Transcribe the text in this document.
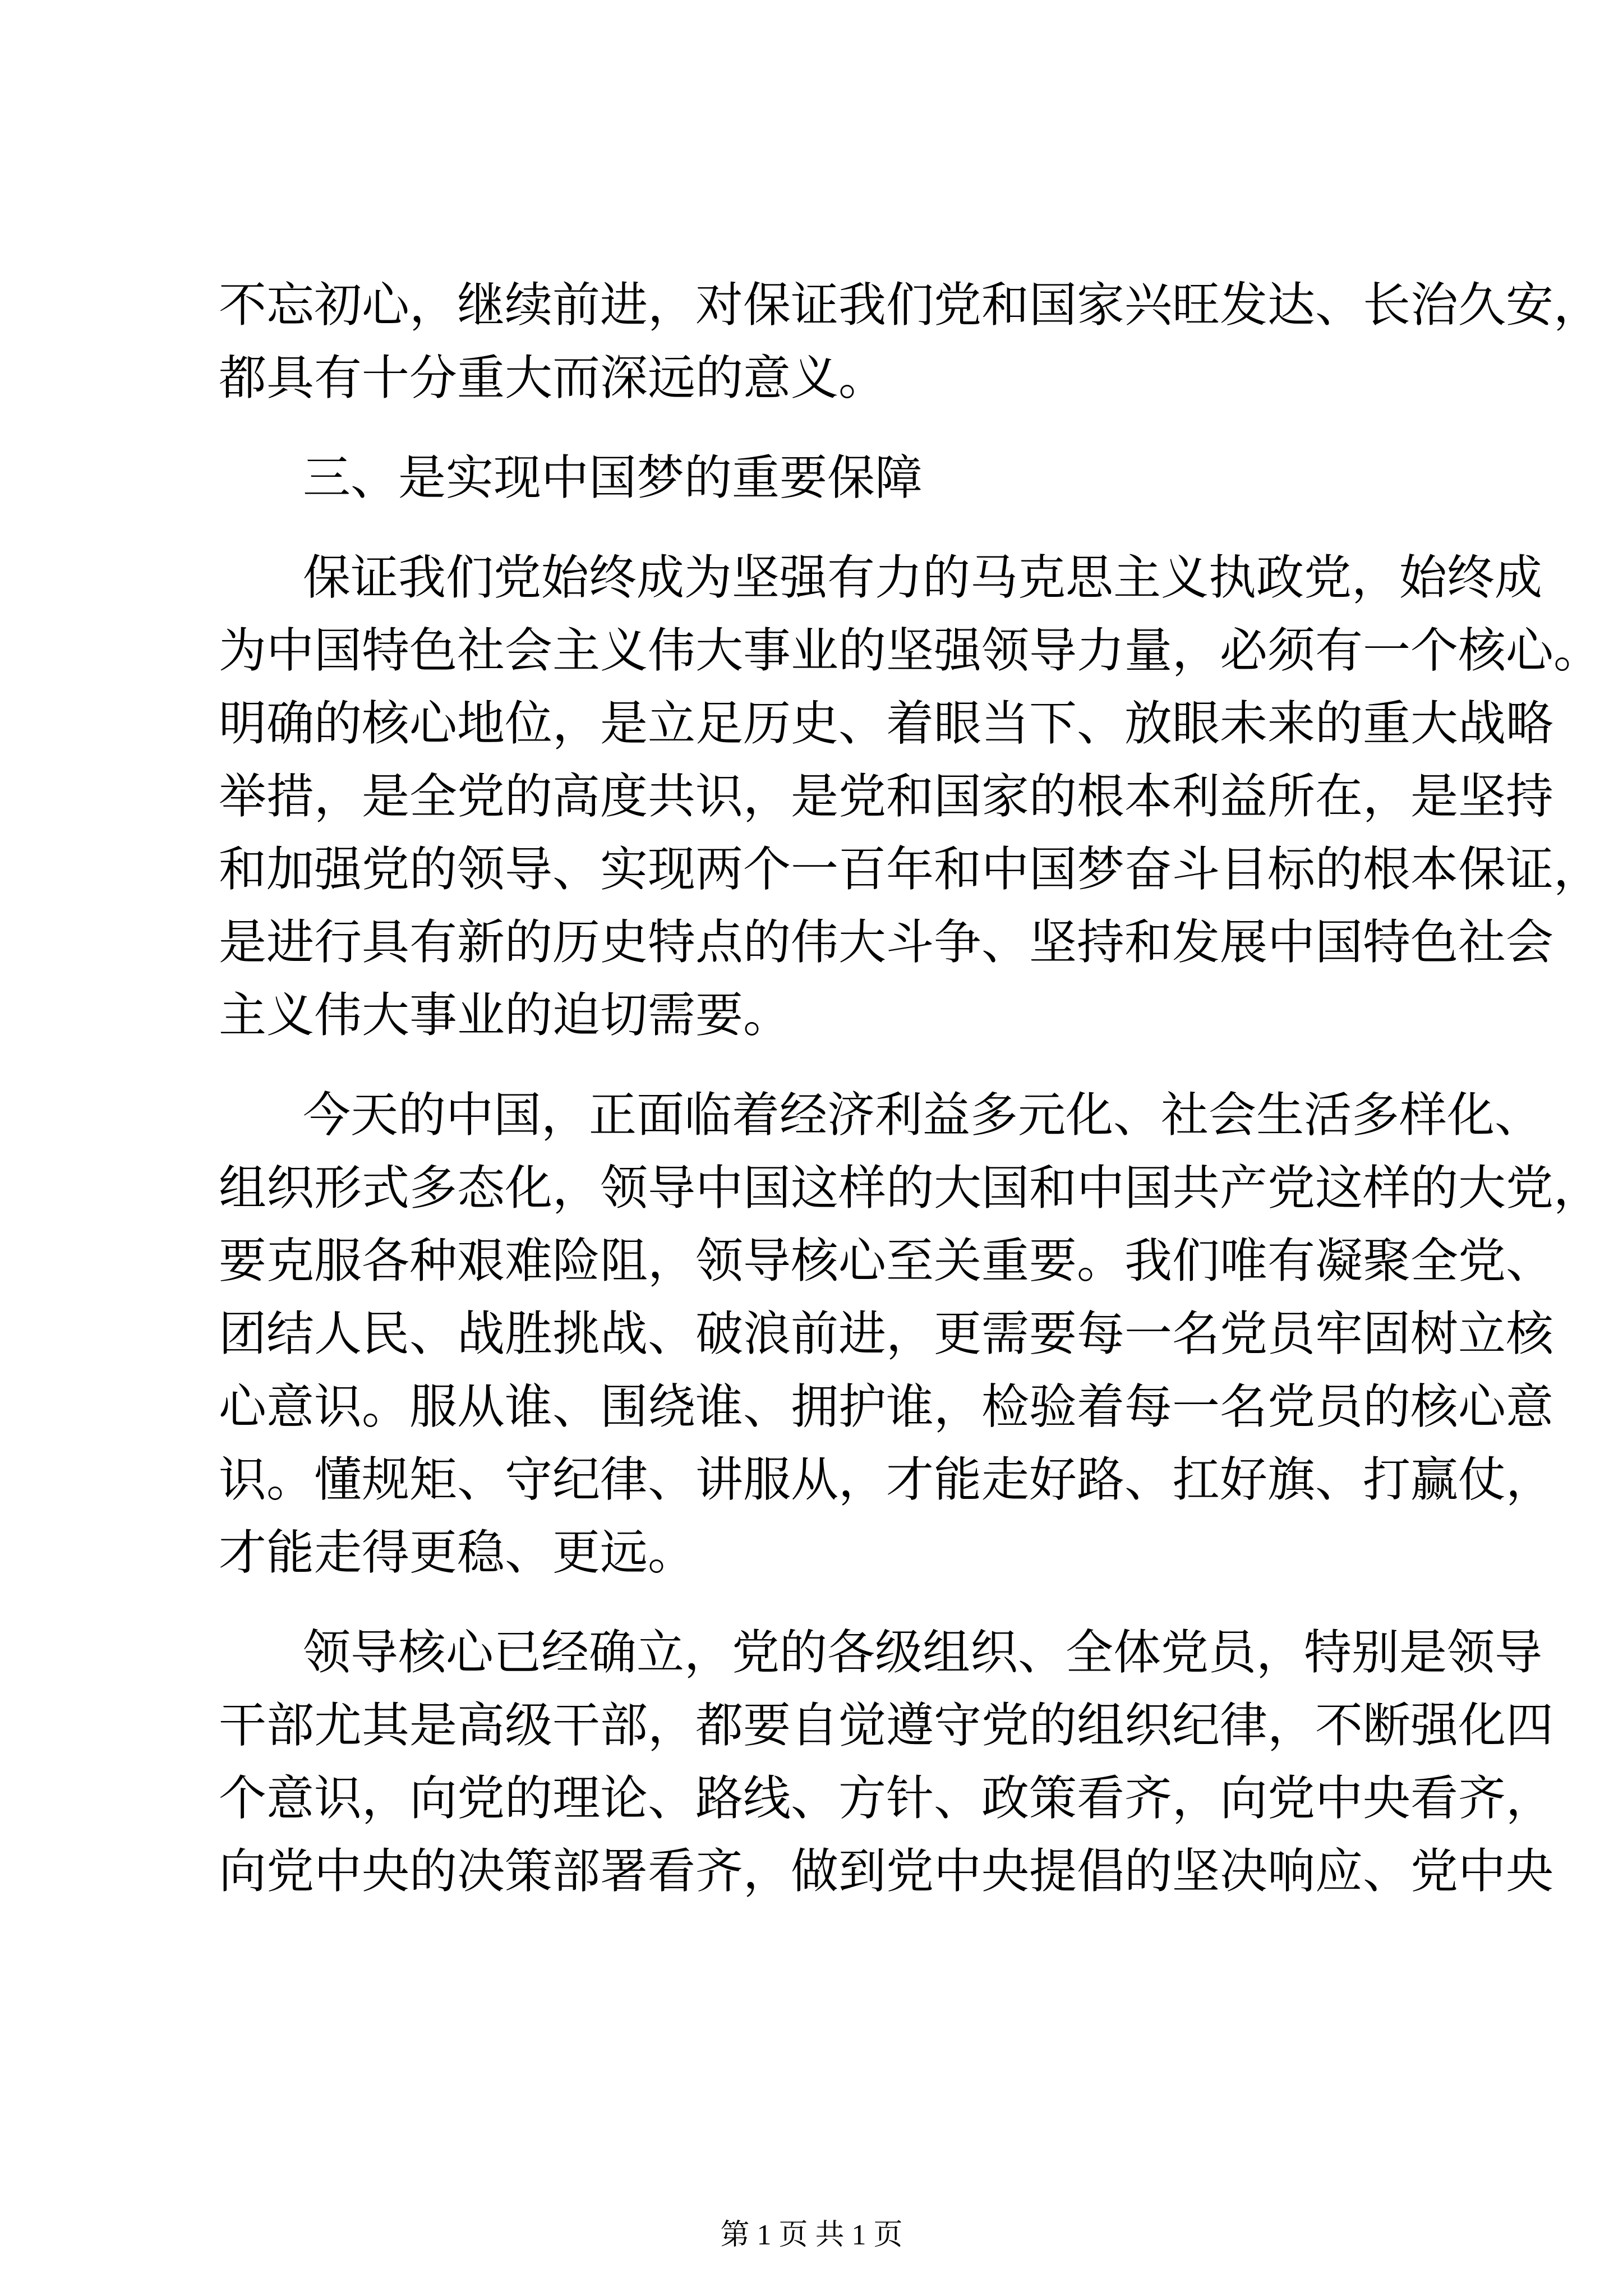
不忘初心，继续前进，对保证我们党和国家兴旺发达、长治久安，
都具有十分重大而深远的意义。
三、是实现中国梦的重要保障
保证我们党始终成为坚强有力的马克思主义执政党，始终成
为中国特色社会主义伟大事业的坚强领导力量，必须有一个核心。
明确的核心地位，是立足历史、着眼当下、放眼未来的重大战略
举措，是全党的高度共识，是党和国家的根本利益所在，是坚持
和加强党的领导、实现两个一百年和中国梦奋斗目标的根本保证，
是进行具有新的历史特点的伟大斗争、坚持和发展中国特色社会
主义伟大事业的迫切需要。
今天的中国，正面临着经济利益多元化、社会生活多样化、
组织形式多态化，领导中国这样的大国和中国共产党这样的大党，
要克服各种艰难险阻，领导核心至关重要。我们唯有凝聚全党、
团结人民、战胜挑战、破浪前进，更需要每一名党员牢固树立核
心意识。服从谁、围绕谁、拥护谁，检验着每一名党员的核心意
识。懂规矩、守纪律、讲服从，才能走好路、扛好旗、打赢仗，
才能走得更稳、更远。
领导核心已经确立，党的各级组织、全体党员，特别是领导
干部尤其是高级干部，都要自觉遵守党的组织纪律，不断强化四
个意识，向党的理论、路线、方针、政策看齐，向党中央看齐，
向党中央的决策部署看齐，做到党中央提倡的坚决响应、党中央
第 1 页 共 1 页
